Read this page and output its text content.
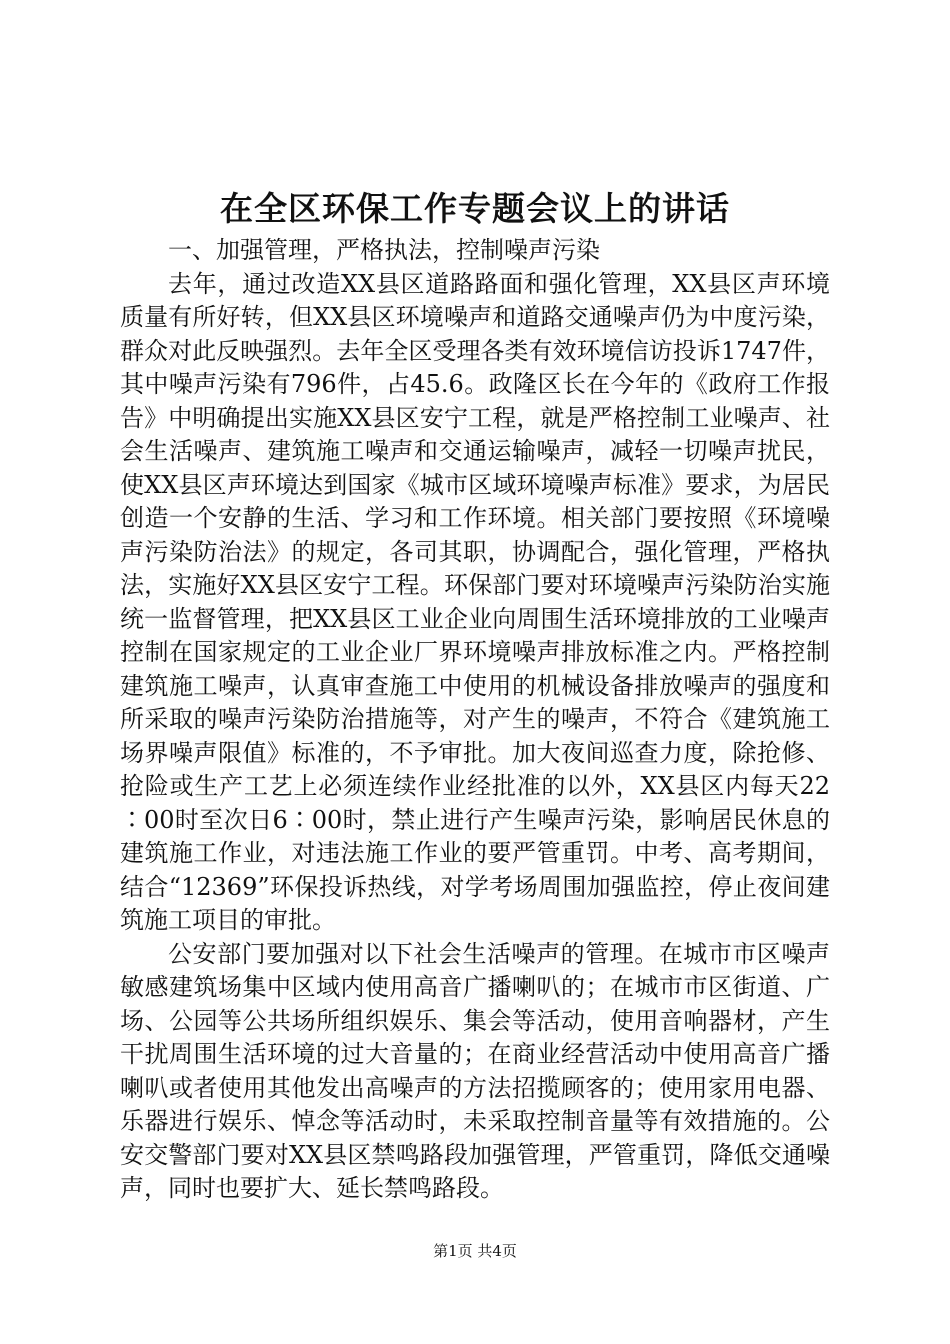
在全区环保工作专题会议上的讲话

一、加强管理，严格执法，控制噪声污染

去年，通过改造XX县区道路路面和强化管理，XX县区声环境质量有所好转，但XX县区环境噪声和道路交通噪声仍为中度污染，群众对此反映强烈。去年全区受理各类有效环境信访投诉1747件，其中噪声污染有796件，占45.6。政隆区长在今年的《政府工作报告》中明确提出实施XX县区安宁工程，就是严格控制工业噪声、社会生活噪声、建筑施工噪声和交通运输噪声，减轻一切噪声扰民，使XX县区声环境达到国家《城市区域环境噪声标准》要求，为居民创造一个安静的生活、学习和工作环境。相关部门要按照《环境噪声污染防治法》的规定，各司其职，协调配合，强化管理，严格执法，实施好XX县区安宁工程。环保部门要对环境噪声污染防治实施统一监督管理，把XX县区工业企业向周围生活环境排放的工业噪声控制在国家规定的工业企业厂界环境噪声排放标准之内。严格控制建筑施工噪声，认真审查施工中使用的机械设备排放噪声的强度和所采取的噪声污染防治措施等，对产生的噪声，不符合《建筑施工场界噪声限值》标准的，不予审批。加大夜间巡查力度，除抢修、抢险或生产工艺上必须连续作业经批准的以外，XX县区内每天22∶00时至次日6∶00时，禁止进行产生噪声污染，影响居民休息的建筑施工作业，对违法施工作业的要严管重罚。中考、高考期间，结合“12369”环保投诉热线，对学考场周围加强监控，停止夜间建筑施工项目的审批。

公安部门要加强对以下社会生活噪声的管理。在城市市区噪声敏感建筑场集中区域内使用高音广播喇叭的；在城市市区街道、广场、公园等公共场所组织娱乐、集会等活动，使用音响器材，产生干扰周围生活环境的过大音量的；在商业经营活动中使用高音广播喇叭或者使用其他发出高噪声的方法招揽顾客的；使用家用电器、乐器进行娱乐、悼念等活动时，未采取控制音量等有效措施的。公安交警部门要对XX县区禁鸣路段加强管理，严管重罚，降低交通噪声，同时也要扩大、延长禁鸣路段。

第1页 共4页
